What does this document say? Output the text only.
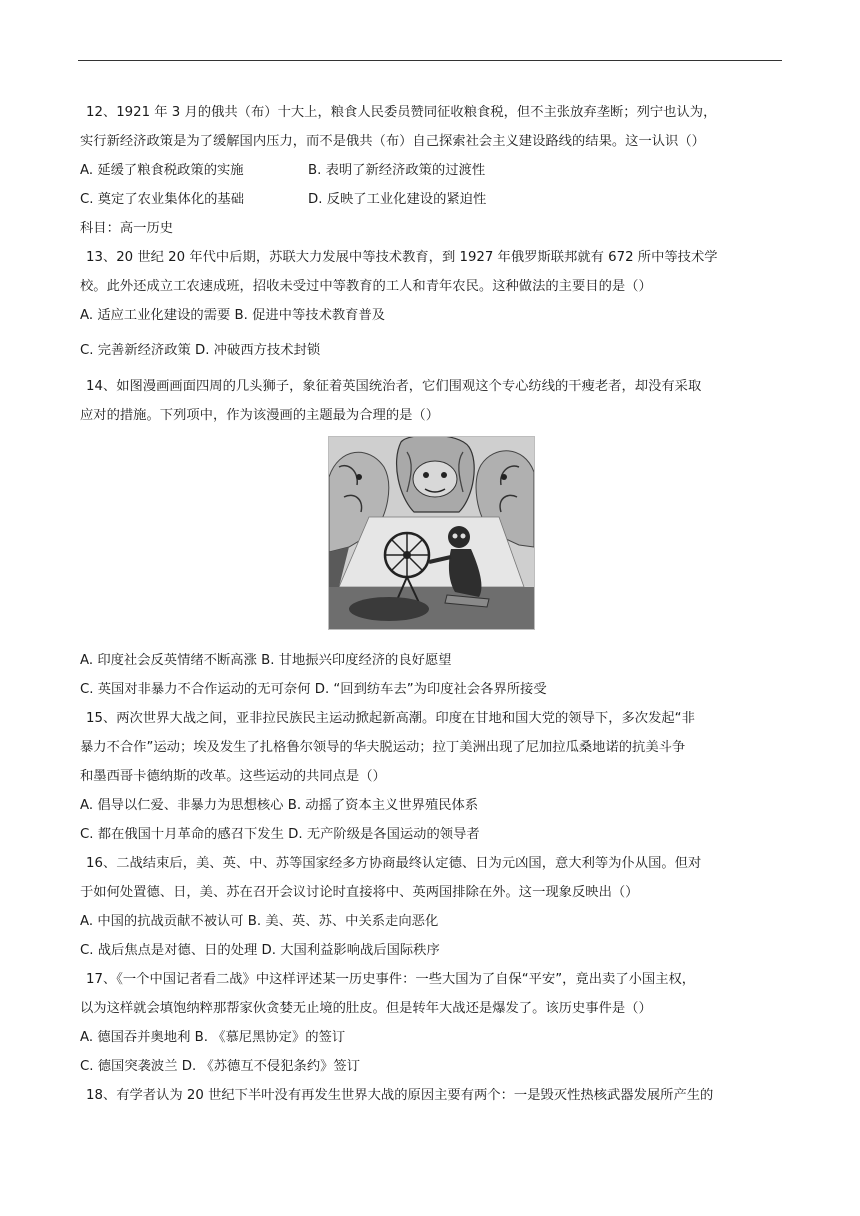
12、1921 年 3 月的俄共（布）十大上，粮食人民委员赞同征收粮食税，但不主张放弃垄断；列宁也认为，

实行新经济政策是为了缓解国内压力，而不是俄共（布）自己探索社会主义建设路线的结果。这一认识（）

A. 延缓了粮食税政策的实施	B. 表明了新经济政策的过渡性
C. 奠定了农业集体化的基础	D. 反映了工业化建设的紧迫性

科目：高一历史

13、20 世纪 20 年代中后期，苏联大力发展中等技术教育，到 1927 年俄罗斯联邦就有 672 所中等技术学

校。此外还成立工农速成班，招收未受过中等教育的工人和青年农民。这种做法的主要目的是（）

A. 适应工业化建设的需要 B. 促进中等技术教育普及

C. 完善新经济政策 D. 冲破西方技术封锁

14、如图漫画画面四周的几头狮子，象征着英国统治者，它们围观这个专心纺线的干瘦老者，却没有采取

应对的措施。下列项中，作为该漫画的主题最为合理的是（）

A. 印度社会反英情绪不断高涨 B. 甘地振兴印度经济的良好愿望

C. 英国对非暴力不合作运动的无可奈何 D. “回到纺车去”为印度社会各界所接受

15、两次世界大战之间，亚非拉民族民主运动掀起新高潮。印度在甘地和国大党的领导下，多次发起“非

暴力不合作”运动；埃及发生了扎格鲁尔领导的华夫脱运动；拉丁美洲出现了尼加拉瓜桑地诺的抗美斗争

和墨西哥卡德纳斯的改革。这些运动的共同点是（）

A. 倡导以仁爱、非暴力为思想核心 B. 动摇了资本主义世界殖民体系

C. 都在俄国十月革命的感召下发生 D. 无产阶级是各国运动的领导者

16、二战结束后，美、英、中、苏等国家经多方协商最终认定德、日为元凶国，意大利等为仆从国。但对

于如何处置德、日，美、苏在召开会议讨论时直接将中、英两国排除在外。这一现象反映出（）

A. 中国的抗战贡献不被认可 B. 美、英、苏、中关系走向恶化

C. 战后焦点是对德、日的处理 D. 大国利益影响战后国际秩序

17、《一个中国记者看二战》中这样评述某一历史事件：一些大国为了自保“平安”，竟出卖了小国主权，

以为这样就会填饱纳粹那帮家伙贪婪无止境的肚皮。但是转年大战还是爆发了。该历史事件是（）

A. 德国吞并奥地利 B. 《慕尼黑协定》的签订

C. 德国突袭波兰 D. 《苏德互不侵犯条约》签订

18、有学者认为 20 世纪下半叶没有再发生世界大战的原因主要有两个：一是毁灭性热核武器发展所产生的
